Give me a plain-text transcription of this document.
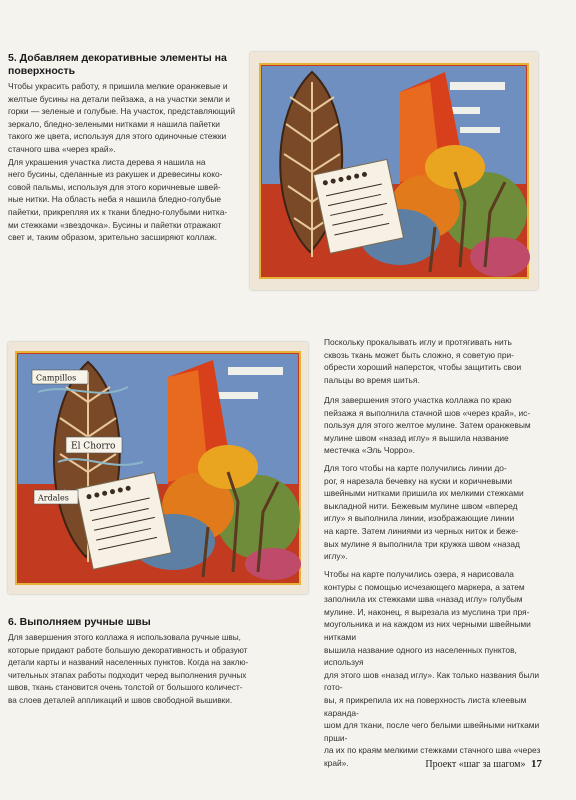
5. Добавляем декоративные элементы на поверхность
Чтобы украсить работу, я пришила мелкие оранжевые и
желтые бусины на детали пейзажа, а на участки земли и
горки — зеленые и голубые. На участок, представляющий
зеркало, бледно-зелеными нитками я нашила пайетки
такого же цвета, используя для этого одиночные стежки
стачного шва «через край».
Для украшения участка листа дерева я нашила на
него бусины, сделанные из ракушек и древесины коко-
совой пальмы, используя для этого коричневые швей-
ные нитки. На область неба я нашила бледно-голубые
пайетки, прикрепляя их к ткани бледно-голубыми нитка-
ми стежками «звездочка». Бусины и пайетки отражают
свет и, таким образом, зрительно засширяют коллаж.
Campillos
El Chorro
Ardales
Поскольку прокалывать иглу и протягивать нить
сквозь ткань может быть сложно, я советую при-
обрести хороший наперсток, чтобы защитить свои
пальцы во время шитья.
Для завершения этого участка коллажа по краю
пейзажа я выполнила стачной шов «через край», ис-
пользуя для этого желтое мулине. Затем оранжевым
мулине швом «назад иглу» я вышила название
местечка «Эль Чорро».
Для того чтобы на карте получились линии до-
рог, я нарезала бечевку на куски и коричневыми
швейными нитками пришила их мелкими стежками
выкладной нити. Бежевым мулине швом «вперед
иглу» я выполнила линии, изображающие линии
на карте. Затем линиями из черных ниток и беже-
вых мулине я выполнила три кружка швом «назад
иглу».
Чтобы на карте получились озера, я нарисовала
контуры с помощью исчезающего маркера, а затем
заполнила их стежками шва «назад иглу» голубым
мулине. И, наконец, я вырезала из муслина три пря-
моугольника и на каждом из них черными швейными нитками
вышила название одного из населенных пунктов, используя
для этого шов «назад иглу». Как только названия были гото-
вы, я прикрепила их на поверхность листа клеевым каранда-
шом для ткани, после чего белыми швейными нитками прши-
ла их по краям мелкими стежками стачного шва «через край».
6. Выполняем ручные швы
Для завершения этого коллажа я использовала ручные швы,
которые придают работе большую декоративность и образуют
детали карты и названий населенных пунктов. Когда на заклю-
чительных этапах работы подходит черед выполнения ручных
швов, ткань становится очень толстой от большого количест-
ва слоев деталей аппликаций и швов свободной вышивки.
Проект «шаг за шагом» 17
